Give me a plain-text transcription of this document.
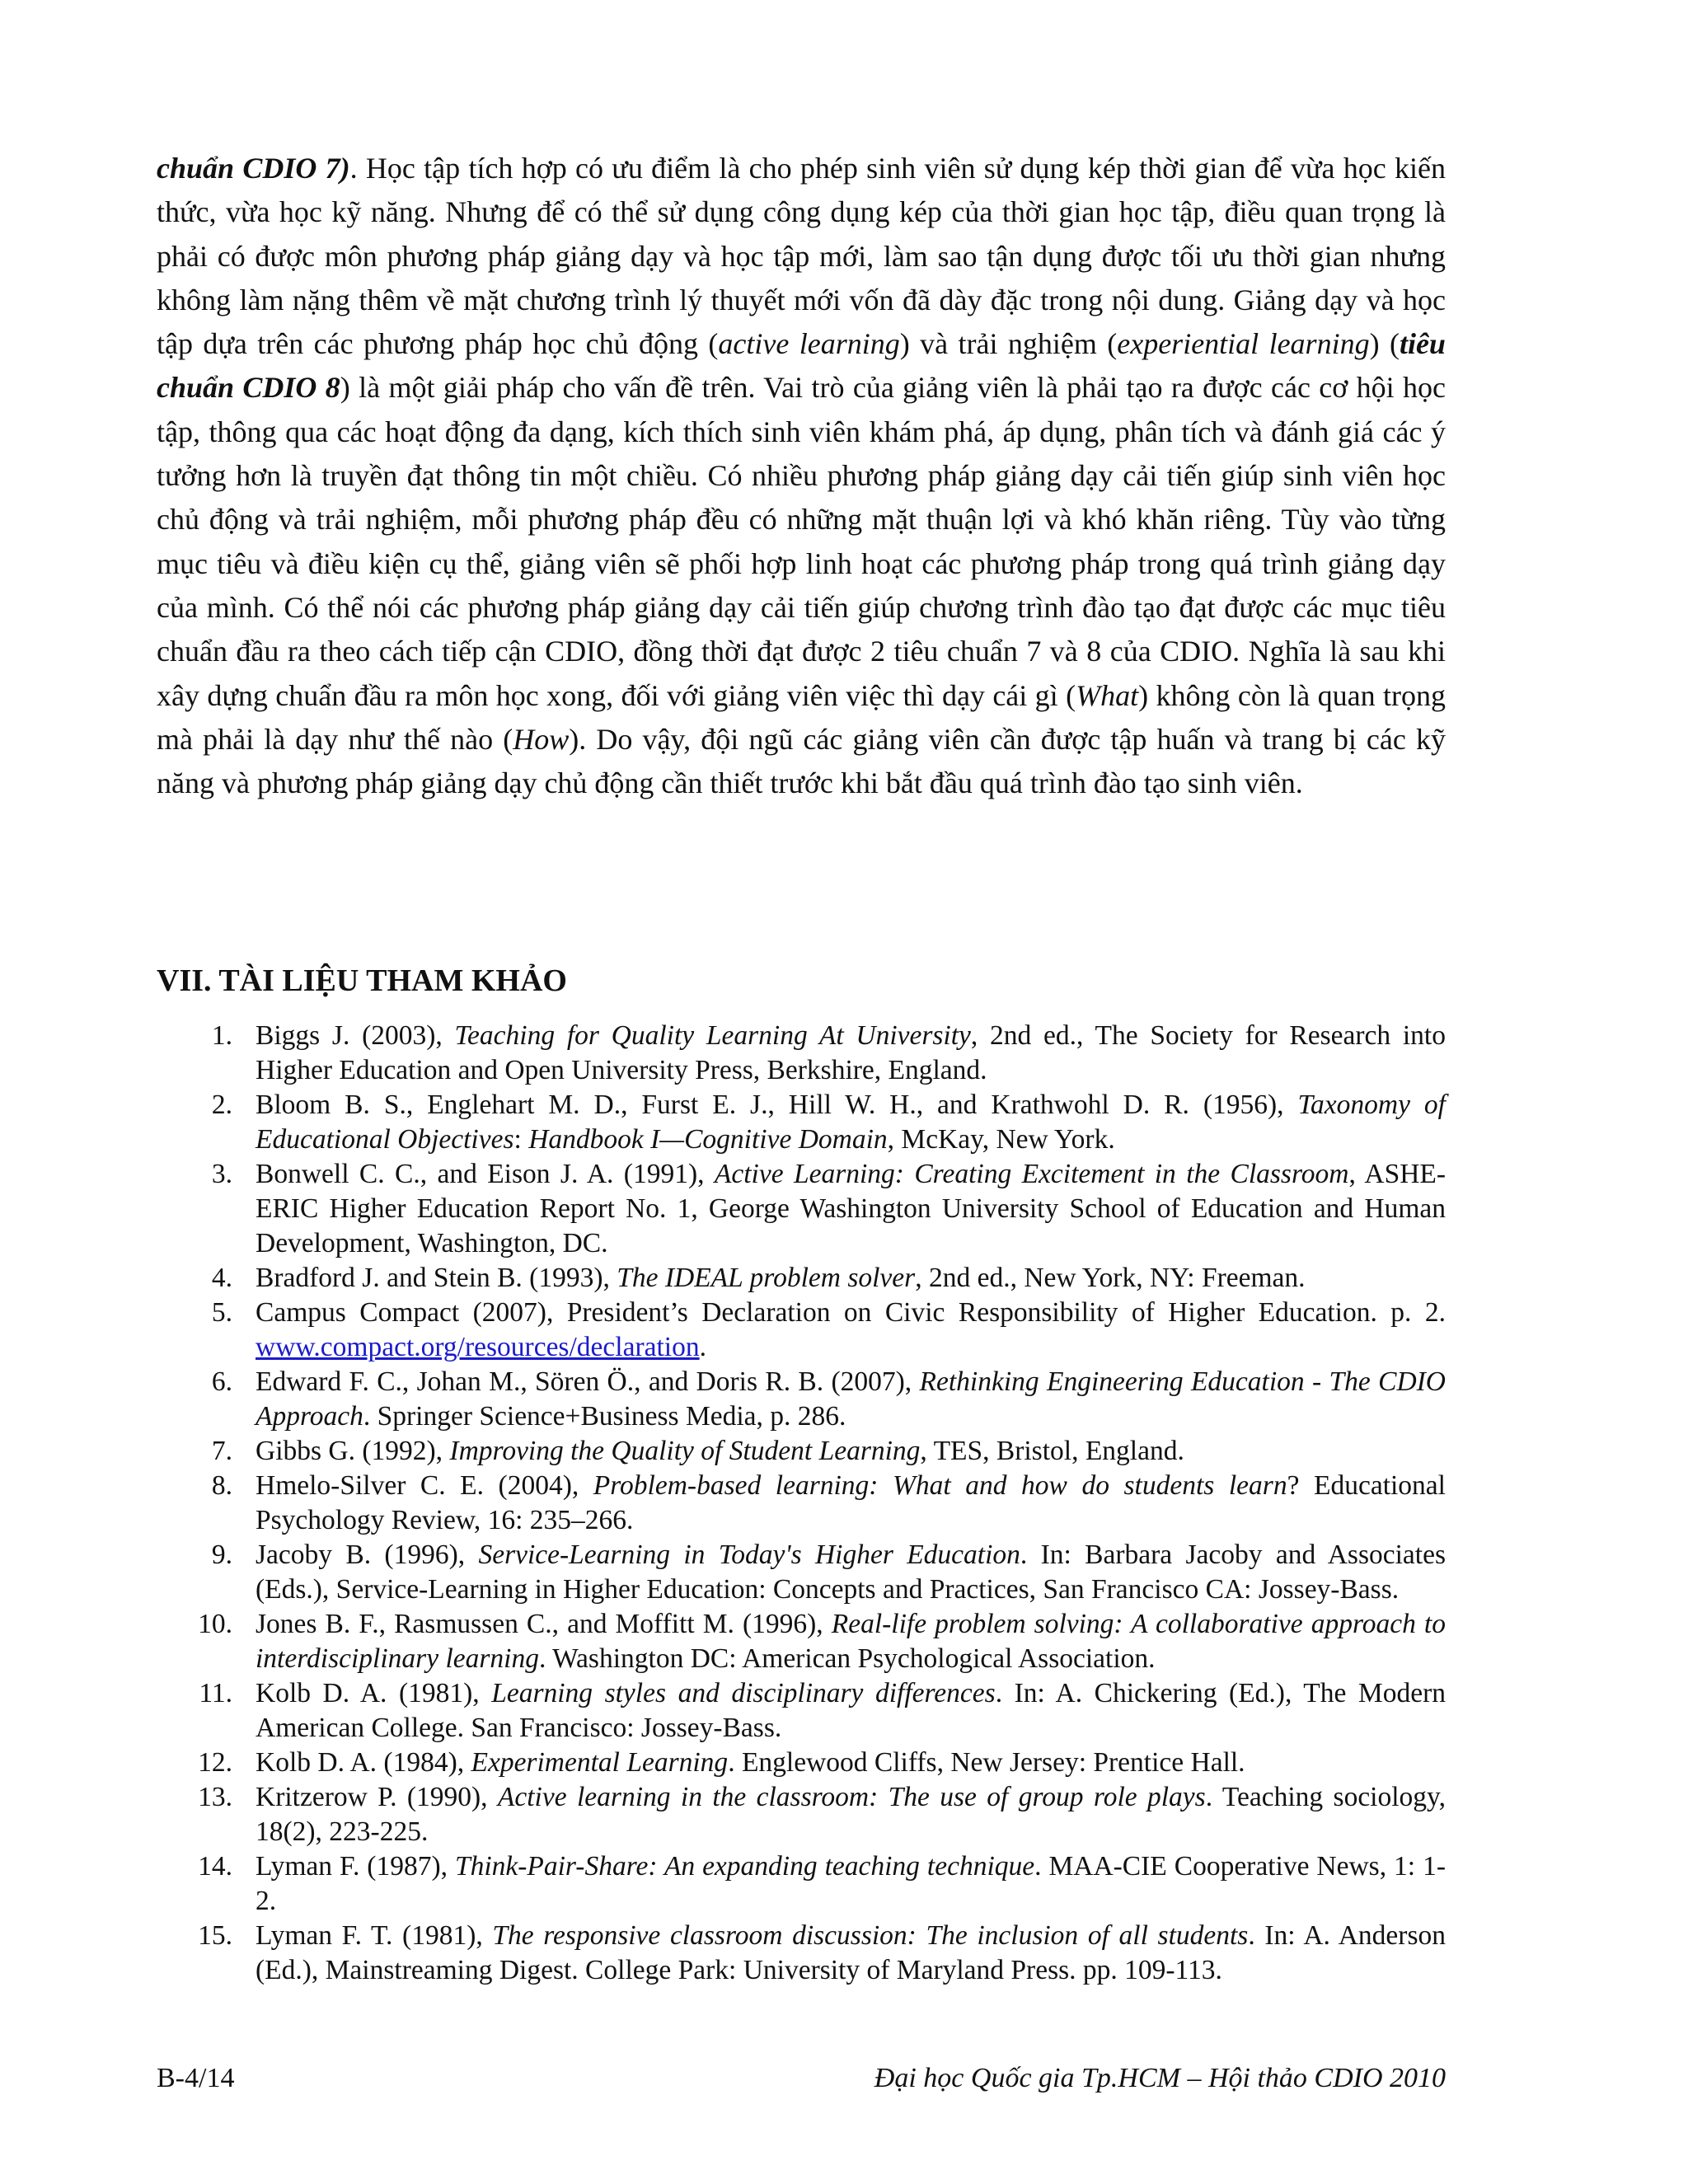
chuẩn CDIO 7). Học tập tích hợp có ưu điểm là cho phép sinh viên sử dụng kép thời gian để vừa học kiến thức, vừa học kỹ năng. Nhưng để có thể sử dụng công dụng kép của thời gian học tập, điều quan trọng là phải có được môn phương pháp giảng dạy và học tập mới, làm sao tận dụng được tối ưu thời gian nhưng không làm nặng thêm về mặt chương trình lý thuyết mới vốn đã dày đặc trong nội dung. Giảng dạy và học tập dựa trên các phương pháp học chủ động (active learning) và trải nghiệm (experiential learning) (tiêu chuẩn CDIO 8) là một giải pháp cho vấn đề trên. Vai trò của giảng viên là phải tạo ra được các cơ hội học tập, thông qua các hoạt động đa dạng, kích thích sinh viên khám phá, áp dụng, phân tích và đánh giá các ý tưởng hơn là truyền đạt thông tin một chiều. Có nhiều phương pháp giảng dạy cải tiến giúp sinh viên học chủ động và trải nghiệm, mỗi phương pháp đều có những mặt thuận lợi và khó khăn riêng. Tùy vào từng mục tiêu và điều kiện cụ thể, giảng viên sẽ phối hợp linh hoạt các phương pháp trong quá trình giảng dạy của mình. Có thể nói các phương pháp giảng dạy cải tiến giúp chương trình đào tạo đạt được các mục tiêu chuẩn đầu ra theo cách tiếp cận CDIO, đồng thời đạt được 2 tiêu chuẩn 7 và 8 của CDIO. Nghĩa là sau khi xây dựng chuẩn đầu ra môn học xong, đối với giảng viên việc thì dạy cái gì (What) không còn là quan trọng mà phải là dạy như thế nào (How). Do vậy, đội ngũ các giảng viên cần được tập huấn và trang bị các kỹ năng và phương pháp giảng dạy chủ động cần thiết trước khi bắt đầu quá trình đào tạo sinh viên.

VII. TÀI LIỆU THAM KHẢO
1. Biggs J. (2003), Teaching for Quality Learning At University, 2nd ed., The Society for Research into Higher Education and Open University Press, Berkshire, England.
2. Bloom B. S., Englehart M. D., Furst E. J., Hill W. H., and Krathwohl D. R. (1956), Taxonomy of Educational Objectives: Handbook I—Cognitive Domain, McKay, New York.
3. Bonwell C. C., and Eison J. A. (1991), Active Learning: Creating Excitement in the Classroom, ASHE-ERIC Higher Education Report No. 1, George Washington University School of Education and Human Development, Washington, DC.
4. Bradford J. and Stein B. (1993), The IDEAL problem solver, 2nd ed., New York, NY: Freeman.
5. Campus Compact (2007), President’s Declaration on Civic Responsibility of Higher Education. p. 2. www.compact.org/resources/declaration.
6. Edward F. C., Johan M., Sören Ö., and Doris R. B. (2007), Rethinking Engineering Education - The CDIO Approach. Springer Science+Business Media, p. 286.
7. Gibbs G. (1992), Improving the Quality of Student Learning, TES, Bristol, England.
8. Hmelo-Silver C. E. (2004), Problem-based learning: What and how do students learn? Educational Psychology Review, 16: 235–266.
9. Jacoby B. (1996), Service-Learning in Today's Higher Education. In: Barbara Jacoby and Associates (Eds.), Service-Learning in Higher Education: Concepts and Practices, San Francisco CA: Jossey-Bass.
10. Jones B. F., Rasmussen C., and Moffitt M. (1996), Real-life problem solving: A collaborative approach to interdisciplinary learning. Washington DC: American Psychological Association.
11. Kolb D. A. (1981), Learning styles and disciplinary differences. In: A. Chickering (Ed.), The Modern American College. San Francisco: Jossey-Bass.
12. Kolb D. A. (1984), Experimental Learning. Englewood Cliffs, New Jersey: Prentice Hall.
13. Kritzerow P. (1990), Active learning in the classroom: The use of group role plays. Teaching sociology, 18(2), 223-225.
14. Lyman F. (1987), Think-Pair-Share: An expanding teaching technique. MAA-CIE Cooperative News, 1: 1-2.
15. Lyman F. T. (1981), The responsive classroom discussion: The inclusion of all students. In: A. Anderson (Ed.), Mainstreaming Digest. College Park: University of Maryland Press. pp. 109-113.
B-4/14	Đại học Quốc gia Tp.HCM – Hội thảo CDIO 2010
